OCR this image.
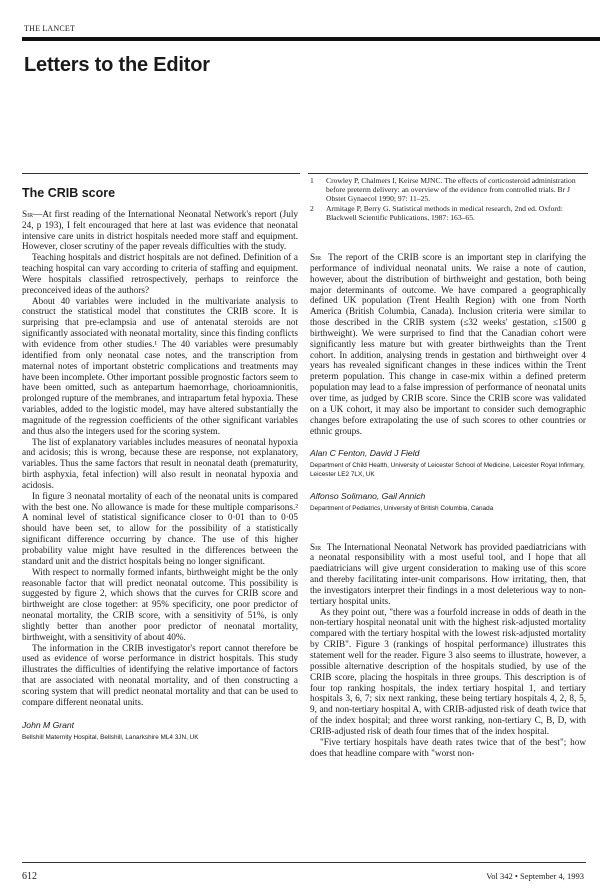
THE LANCET
Letters to the Editor
The CRIB score

Sir—At first reading of the International Neonatal Network's report (July 24, p 193), I felt encouraged that here at last was evidence that neonatal intensive care units in district hospitals needed more staff and equipment. However, closer scrutiny of the paper reveals difficulties with the study.

Teaching hospitals and district hospitals are not defined. Definition of a teaching hospital can vary according to criteria of staffing and equipment. Were hospitals classified retrospectively, perhaps to reinforce the preconceived ideas of the authors?

About 40 variables were included in the multivariate analysis to construct the statistical model that constitutes the CRIB score. It is surprising that pre-eclampsia and use of antenatal steroids are not significantly associated with neonatal mortality, since this finding conflicts with evidence from other studies.¹ The 40 variables were presumably identified from only neonatal case notes, and the transcription from maternal notes of important obstetric complications and treatments may have been incomplete. Other important possible prognostic factors seem to have been omitted, such as antepartum haemorrhage, chorioamnionitis, prolonged rupture of the membranes, and intrapartum fetal hypoxia. These variables, added to the logistic model, may have altered substantially the magnitude of the regression coefficients of the other significant variables and thus also the integers used for the scoring system.

The list of explanatory variables includes measures of neonatal hypoxia and acidosis; this is wrong, because these are response, not explanatory, variables. Thus the same factors that result in neonatal death (prematurity, birth asphyxia, fetal infection) will also result in neonatal hypoxia and acidosis.

In figure 3 neonatal mortality of each of the neonatal units is compared with the best one. No allowance is made for these multiple comparisons.² A nominal level of statistical significance closer to 0·01 than to 0·05 should have been set, to allow for the possibility of a statistically significant difference occurring by chance. The use of this higher probability value might have resulted in the differences between the standard unit and the district hospitals being no longer significant.

With respect to normally formed infants, birthweight might be the only reasonable factor that will predict neonatal outcome. This possibility is suggested by figure 2, which shows that the curves for CRIB score and birthweight are close together: at 95% specificity, one poor predictor of neonatal mortality, the CRIB score, with a sensitivity of 51%, is only slightly better than another poor predictor of neonatal mortality, birthweight, with a sensitivity of about 40%.

The information in the CRIB investigator's report cannot therefore be used as evidence of worse performance in district hospitals. This study illustrates the difficulties of identifying the relative importance of factors that are associated with neonatal mortality, and of then constructing a scoring system that will predict neonatal mortality and that can be used to compare different neonatal units.

John M Grant
Bellshill Maternity Hospital, Bellshill, Lanarkshire ML4 3JN, UK
1	Crowley P, Chalmers I, Keirse MJNC. The effects of corticosteroid administration before preterm delivery: an overview of the evidence from controlled trials. Br J Obstet Gynaecol 1990; 97: 11–25.
2	Armitage P, Berry G. Statistical methods in medical research, 2nd ed. Oxford: Blackwell Scientific Publications, 1987: 163–65.

Sir The report of the CRIB score is an important step in clarifying the performance of individual neonatal units. We raise a note of caution, however, about the distribution of birthweight and gestation, both being major determinants of outcome. We have compared a geographically defined UK population (Trent Health Region) with one from North America (British Columbia, Canada). Inclusion criteria were similar to those described in the CRIB system (≤32 weeks' gestation, ≤1500 g birthweight). We were surprised to find that the Canadian cohort were significantly less mature but with greater birthweights than the Trent cohort. In addition, analysing trends in gestation and birthweight over 4 years has revealed significant changes in these indices within the Trent preterm population. This change in case-mix within a defined preterm population may lead to a false impression of performance of neonatal units over time, as judged by CRIB score. Since the CRIB score was validated on a UK cohort, it may also be important to consider such demographic changes before extrapolating the use of such scores to other countries or ethnic groups.

Alan C Fenton, David J Field
Department of Child Health, University of Leicester School of Medicine, Leicester Royal Infirmary, Leicester LE2 7LX, UK
Alfonso Solimano, Gail Annich
Department of Pediatrics, University of British Columbia, Canada

Sir The International Neonatal Network has provided paediatricians with a neonatal responsibility with a most useful tool, and I hope that all paediatricians will give urgent consideration to making use of this score and thereby facilitating inter-unit comparisons. How irritating, then, that the investigators interpret their findings in a most deleterious way to non-tertiary hospital units.

As they point out, "there was a fourfold increase in odds of death in the non-tertiary hospital neonatal unit with the highest risk-adjusted mortality compared with the tertiary hospital with the lowest risk-adjusted mortality by CRIB". Figure 3 (rankings of hospital performance) illustrates this statement well for the reader. Figure 3 also seems to illustrate, however, a possible alternative description of the hospitals studied, by use of the CRIB score, placing the hospitals in three groups. This description is of four top ranking hospitals, the index tertiary hospital 1, and tertiary hospitals 3, 6, 7; six next ranking, these being tertiary hospitals 4, 2, 8, 5, 9, and non-tertiary hospital A, with CRIB-adjusted risk of death twice that of the index hospital; and three worst ranking, non-tertiary C, B, D, with CRIB-adjusted risk of death four times that of the index hospital.

"Five tertiary hospitals have death rates twice that of the best"; how does that headline compare with "worst non-

612	Vol 342 • September 4, 1993
